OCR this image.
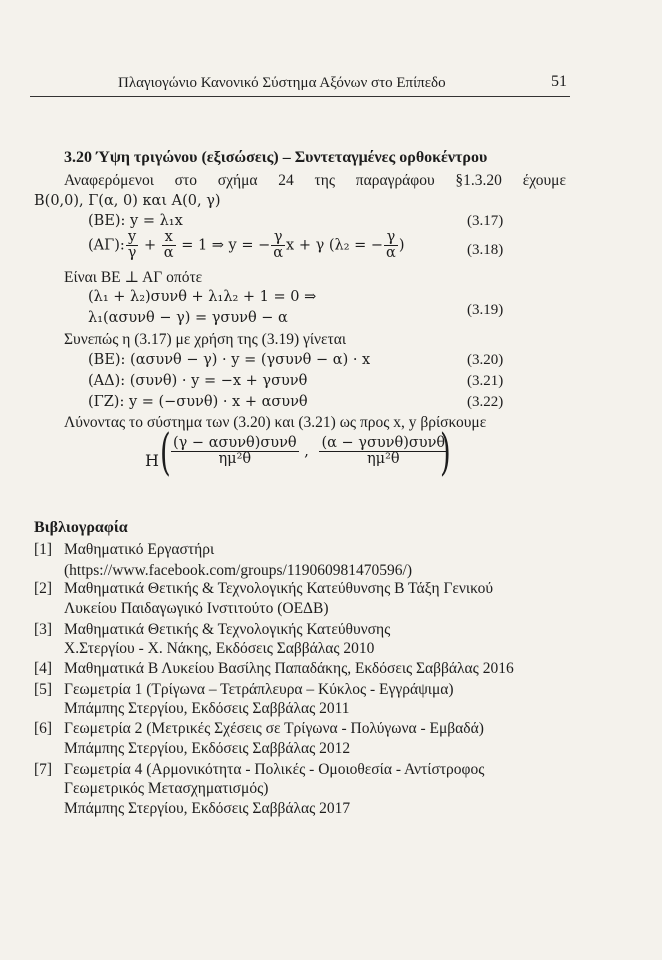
Πλαγιογώνιο Κανονικό Σύστημα Αξόνων στο Επίπεδο	51
3.20 Ύψη τριγώνου (εξισώσεις) – Συντεταγμένες ορθοκέντρου
Αναφερόμενοι στο σχήμα 24 της παραγράφου §1.3.20 έχουμε
Β(0,0), Γ(α, 0) και Α(0, γ)
(ΒΕ): y = λ₁x	(3.17)
(ΑΓ): $\frac{y}{\gamma} + \frac{x}{\alpha} = 1$ ⇒ y = − $\frac{\gamma}{\alpha}$ x + γ (λ₂ = − $\frac{\gamma}{\alpha}$ )	(3.18)
Είναι ΒΕ ⊥ ΑΓ οπότε
(λ₁ + λ₂)συνθ + λ₁λ₂ + 1 = 0 ⇒
λ₁(ασυνθ − γ) = γσυνθ − α	(3.19)
Συνεπώς η (3.17) με χρήση της (3.19) γίνεται
(ΒΕ): (ασυνθ − γ) · y = (γσυνθ − α) · x	(3.20)
(ΑΔ): (συνθ) · y = −x + γσυνθ	(3.21)
(ΓΖ): y = (−συνθ) · x + ασυνθ	(3.22)
Λύνοντας το σύστημα των (3.20) και (3.21) ως προς x, y βρίσκουμε
Η ( $\frac{\text{(γ − ασυνθ)συνθ}}{\text{ημ²θ}}$ , $\frac{\text{(α − γσυνθ)συνθ}}{\text{ημ²θ}}$
)
Βιβλιογραφία
[1] Μαθηματικό Εργαστήρι
(https://www.facebook.com/groups/119060981470596/)
[2] Μαθηματικά Θετικής & Τεχνολογικής Κατεύθυνσης Β Τάξη Γενικού
Λυκείου Παιδαγωγικό Ινστιτούτο (ΟΕΔΒ)
[3] Μαθηματικά Θετικής & Τεχνολογικής Κατεύθυνσης
Χ.Στεργίου - Χ. Νάκης, Εκδόσεις Σαββάλας 2010
[4] Μαθηματικά Β Λυκείου Βασίλης Παπαδάκης, Εκδόσεις Σαββάλας 2016
[5] Γεωμετρία 1 (Τρίγωνα – Τετράπλευρα – Κύκλος - Εγγράψιμα)
Μπάμπης Στεργίου, Εκδόσεις Σαββάλας 2011
[6] Γεωμετρία 2 (Μετρικές Σχέσεις σε Τρίγωνα - Πολύγωνα - Εμβαδά)
Μπάμπης Στεργίου, Εκδόσεις Σαββάλας 2012
[7] Γεωμετρία 4 (Αρμονικότητα - Πολικές - Ομοιοθεσία - Αντίστροφος
Γεωμετρικός Μετασχηματισμός)
Μπάμπης Στεργίου, Εκδόσεις Σαββάλας 2017
